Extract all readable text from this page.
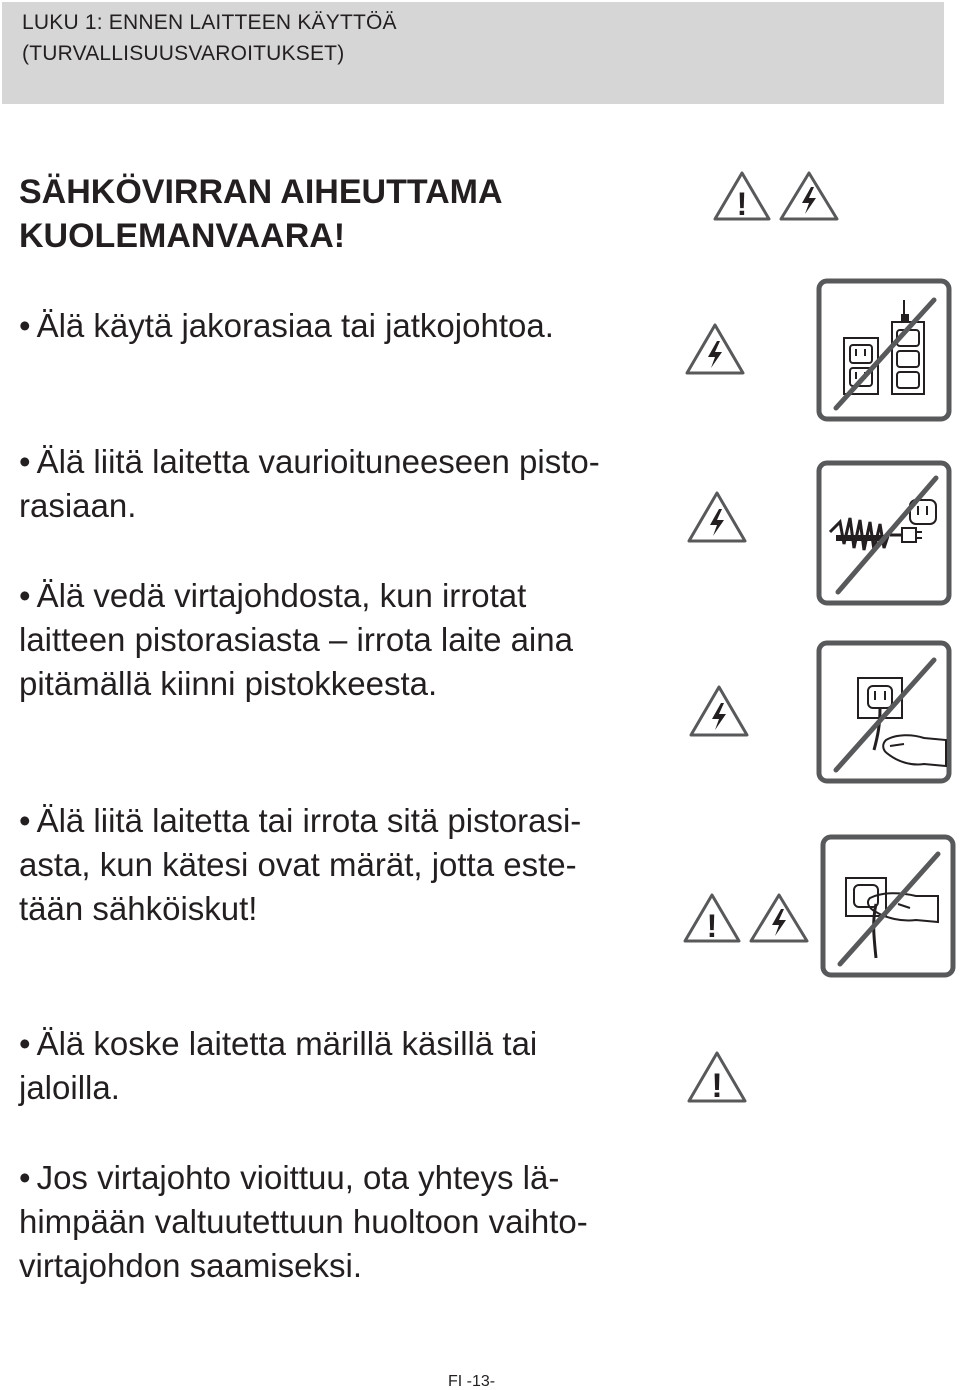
LUKU 1: ENNEN LAITTEEN KÄYTTÖÄ
(TURVALLISUUSVAROITUKSET)
SÄHKÖVIRRAN AIHEUTTAMA
KUOLEMANVAARA!
• Älä käytä jakorasiaa tai jatkojohtoa.
• Älä liitä laitetta vaurioituneeseen pisto-
rasiaan.
• Älä vedä virtajohdosta, kun irrotat
laitteen pistorasiasta – irrota laite aina
pitämällä kiinni pistokkeesta.
• Älä liitä laitetta tai irrota sitä pistorasi-
asta, kun kätesi ovat märät, jotta este-
tään sähköiskut!
• Älä koske laitetta märillä käsillä tai
jaloilla.
• Jos virtajohto vioittuu, ota yhteys lä-
himpään valtuutettuun huoltoon vaihto-
virtajohdon saamiseksi.
!
!
!
FI -13-
